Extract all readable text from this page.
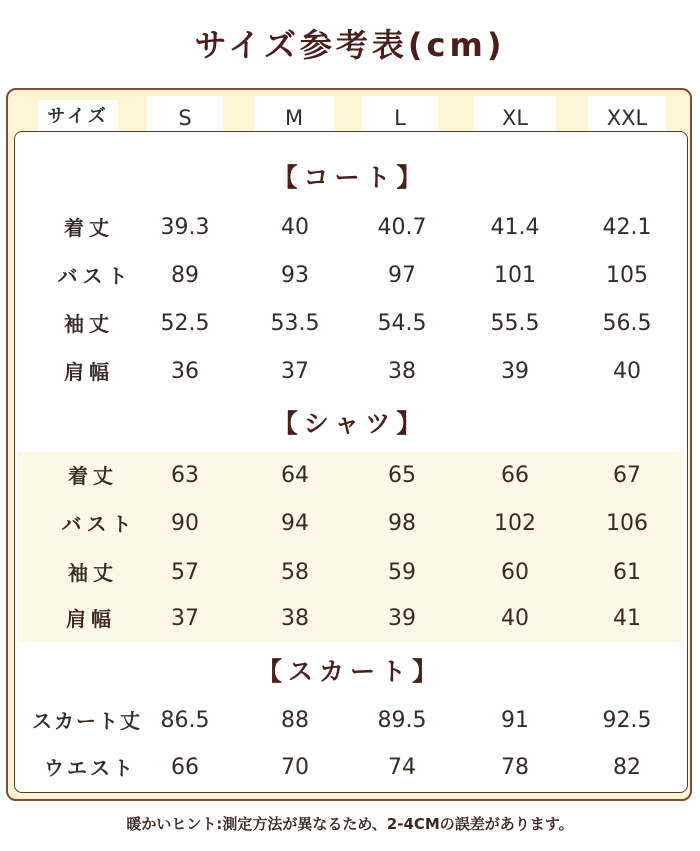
サイズ参考表(cm)
サイズ	S	M	L	XL	XXL
【コート】
着丈	39.3	40	40.7	41.4	42.1
バスト	89	93	97	101	105
袖丈	52.5	53.5	54.5	55.5	56.5
肩幅	36	37	38	39	40
【シャツ】
着丈	63	64	65	66	67
バスト	90	94	98	102	106
袖丈	57	58	59	60	61
肩幅	37	38	39	40	41
【スカート】
スカート丈 86.5	88	89.5	91	92.5
ウエスト	66	70	74	78	82
暖かいヒント:測定方法が異なるため、2-4CMの誤差があります。
